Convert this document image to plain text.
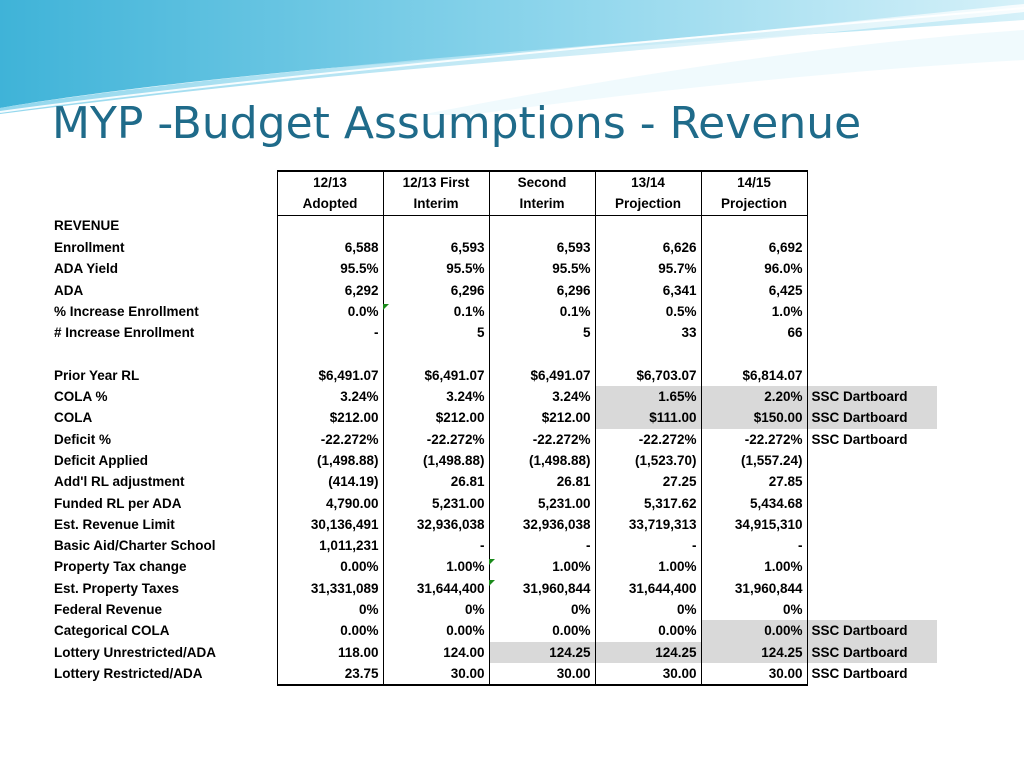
MYP -Budget Assumptions - Revenue
	12/13	12/13 First	Second	13/14	14/15	
	Adopted	Interim	Interim	Projection	Projection	
REVENUE						
Enrollment	6,588	6,593	6,593	6,626	6,692	
ADA Yield	95.5%	95.5%	95.5%	95.7%	96.0%	
ADA	6,292	6,296	6,296	6,341	6,425	
% Increase Enrollment	0.0%	0.1%	0.1%	0.5%	1.0%	
# Increase Enrollment	-	5	5	33	66	

Prior Year RL	$6,491.07	$6,491.07	$6,491.07	$6,703.07	$6,814.07	
COLA %	3.24%	3.24%	3.24%	1.65%	2.20%	SSC Dartboard
COLA	$212.00	$212.00	$212.00	$111.00	$150.00	SSC Dartboard
Deficit %	-22.272%	-22.272%	-22.272%	-22.272%	-22.272%	SSC Dartboard
Deficit Applied	(1,498.88)	(1,498.88)	(1,498.88)	(1,523.70)	(1,557.24)	
Add'l RL adjustment	(414.19)	26.81	26.81	27.25	27.85	
Funded RL per ADA	4,790.00	5,231.00	5,231.00	5,317.62	5,434.68	
Est. Revenue Limit	30,136,491	32,936,038	32,936,038	33,719,313	34,915,310	
Basic Aid/Charter School	1,011,231	-	-	-	-	
Property Tax change	0.00%	1.00%	1.00%	1.00%	1.00%	
Est. Property Taxes	31,331,089	31,644,400	31,960,844	31,644,400	31,960,844	
Federal Revenue	0%	0%	0%	0%	0%	
Categorical COLA	0.00%	0.00%	0.00%	0.00%	0.00%	SSC Dartboard
Lottery Unrestricted/ADA	118.00	124.00	124.25	124.25	124.25	SSC Dartboard
Lottery Restricted/ADA	23.75	30.00	30.00	30.00	30.00	SSC Dartboard
